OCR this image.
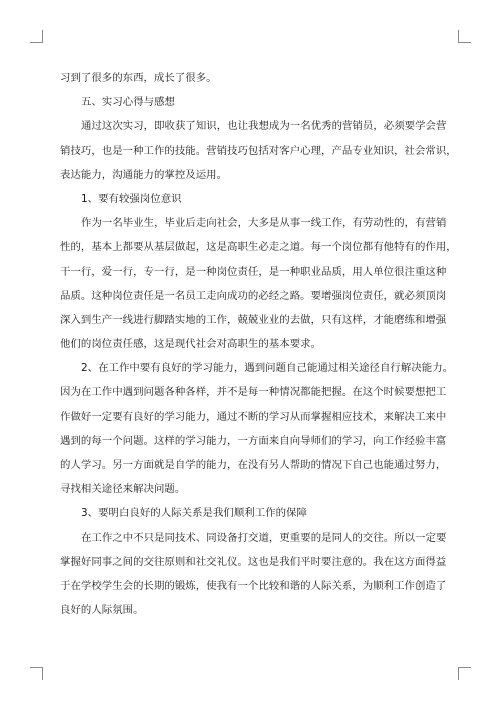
习到了很多的东西，成长了很多。
五、实习心得与感想
通过这次实习，即收获了知识，也让我想成为一名优秀的营销员，必须要学会营
销技巧，也是一种工作的技能。营销技巧包括对客户心理，产品专业知识，社会常识，
表达能力，沟通能力的掌控及运用。
1、要有较强岗位意识
作为一名毕业生，毕业后走向社会，大多是从事一线工作，有劳动性的，有营销
性的，基本上都要从基层做起，这是高职生必走之道。每一个岗位都有他特有的作用，
干一行，爱一行，专一行，是一种岗位责任，是一种职业品质，用人单位很注重这种
品质。这种岗位责任是一名员工走向成功的必经之路。要增强岗位责任，就必须顶岗
深入到生产一线进行脚踏实地的工作，兢兢业业的去做，只有这样，才能磨练和增强
他们的岗位责任感，这是现代社会对高职生的基本要求。
2、在工作中要有良好的学习能力，遇到问题自己能通过相关途径自行解决能力。
因为在工作中遇到问题各种各样，并不是每一种情况都能把握。在这个时候要想把工
作做好一定要有良好的学习能力，通过不断的学习从而掌握相应技术，来解决工来中
遇到的每一个问题。这样的学习能力，一方面来自向导师们的学习，向工作经验丰富
的人学习。另一方面就是自学的能力，在没有另人帮助的情况下自己也能通过努力，
寻找相关途径来解决问题。
3、要明白良好的人际关系是我们顺利工作的保障
在工作之中不只是同技术、同设备打交道，更重要的是同人的交往。所以一定要
掌握好同事之间的交往原则和社交礼仪。这也是我们平时要注意的。我在这方面得益
于在学校学生会的长期的锻炼，使我有一个比较和谐的人际关系，为顺利工作创造了
良好的人际氛围。
